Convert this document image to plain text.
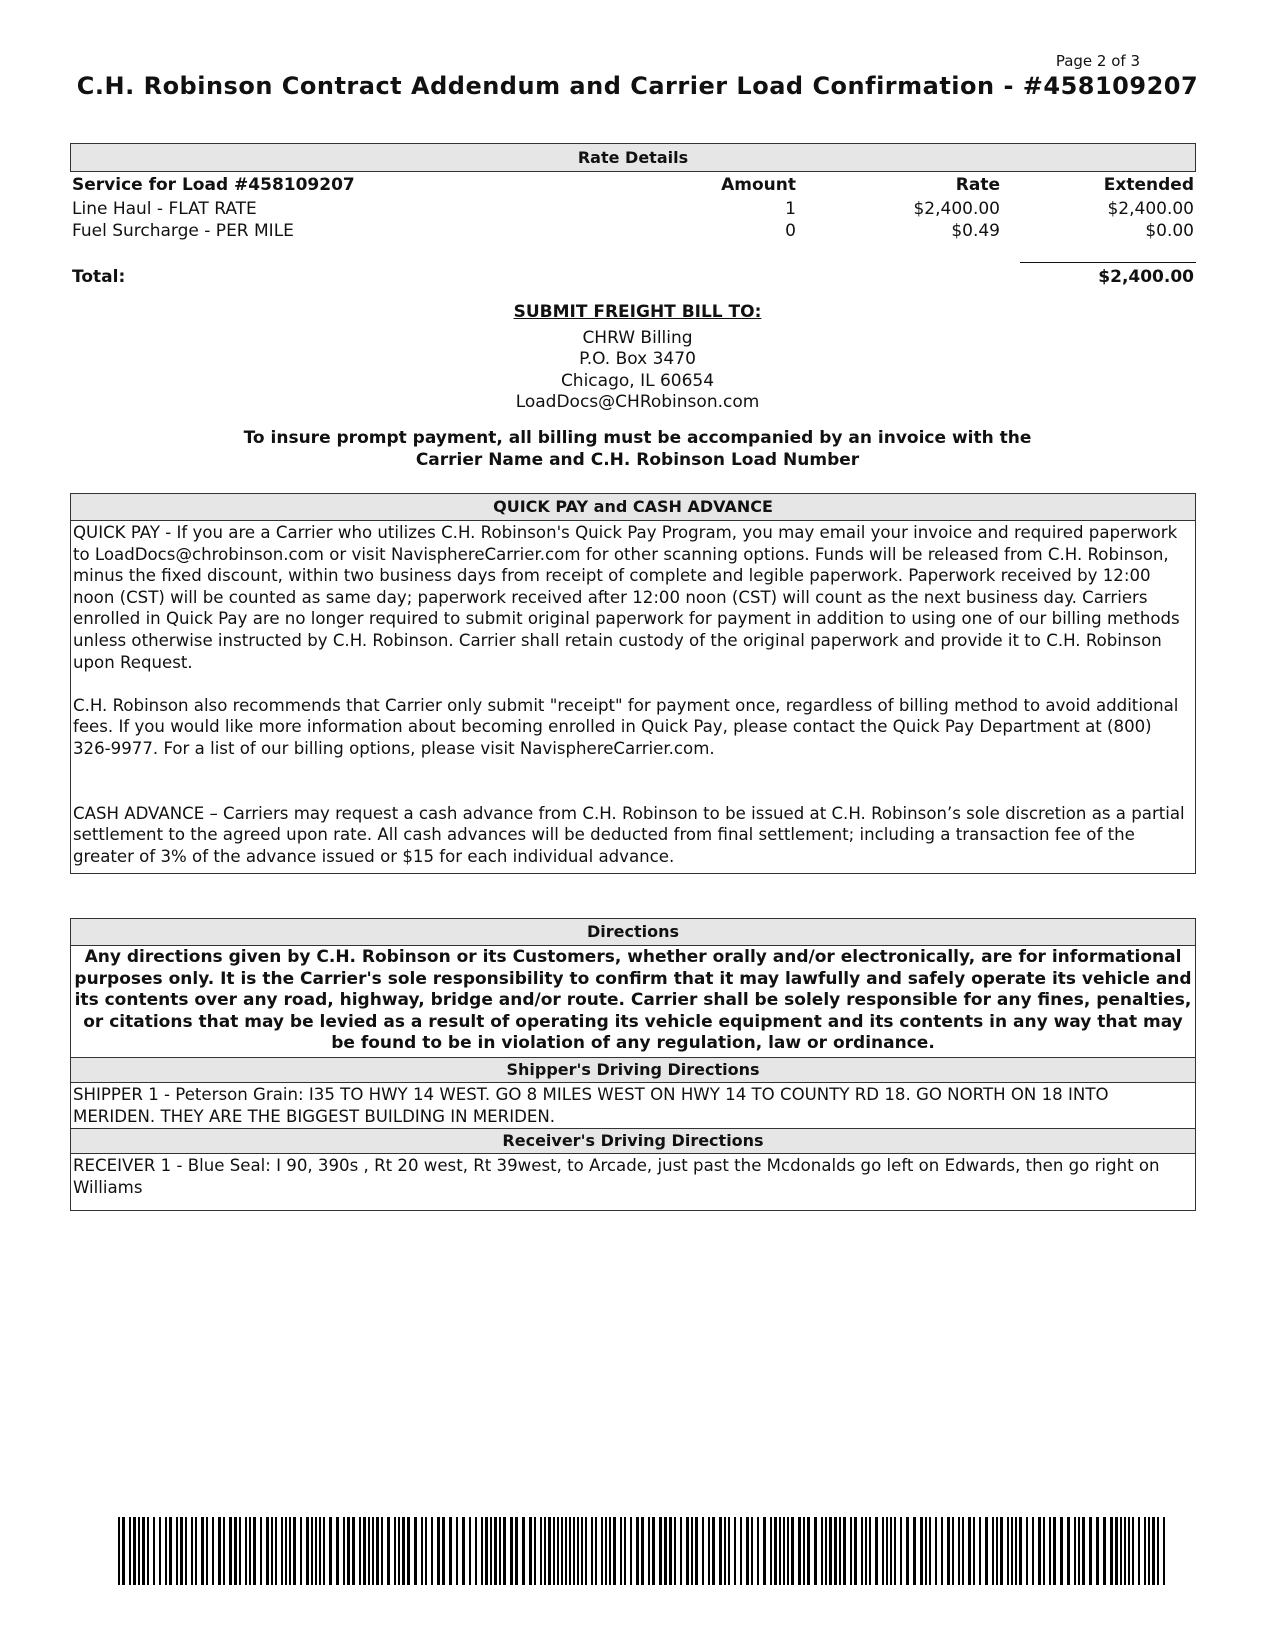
Page 2 of 3
C.H. Robinson Contract Addendum and Carrier Load Confirmation - #458109207
Rate Details
Service for Load #458109207	Amount	Rate	Extended
Line Haul - FLAT RATE	1	$2,400.00	$2,400.00
Fuel Surcharge - PER MILE	0	$0.49	$0.00
Total:	$2,400.00
SUBMIT FREIGHT BILL TO:
CHRW Billing
P.O. Box 3470
Chicago, IL 60654
LoadDocs@CHRobinson.com
To insure prompt payment, all billing must be accompanied by an invoice with the
Carrier Name and C.H. Robinson Load Number
QUICK PAY and CASH ADVANCE

QUICK PAY - If you are a Carrier who utilizes C.H. Robinson's Quick Pay Program, you may email your invoice and required paperwork to LoadDocs@chrobinson.com or visit NavisphereCarrier.com for other scanning options. Funds will be released from C.H. Robinson, minus the fixed discount, within two business days from receipt of complete and legible paperwork. Paperwork received by 12:00 noon (CST) will be counted as same day; paperwork received after 12:00 noon (CST) will count as the next business day. Carriers enrolled in Quick Pay are no longer required to submit original paperwork for payment in addition to using one of our billing methods unless otherwise instructed by C.H. Robinson. Carrier shall retain custody of the original paperwork and provide it to C.H. Robinson upon Request.

C.H. Robinson also recommends that Carrier only submit "receipt" for payment once, regardless of billing method to avoid additional fees. If you would like more information about becoming enrolled in Quick Pay, please contact the Quick Pay Department at (800) 326-9977. For a list of our billing options, please visit NavisphereCarrier.com.

CASH ADVANCE – Carriers may request a cash advance from C.H. Robinson to be issued at C.H. Robinson’s sole discretion as a partial settlement to the agreed upon rate. All cash advances will be deducted from final settlement; including a transaction fee of the greater of 3% of the advance issued or $15 for each individual advance.

Directions
Any directions given by C.H. Robinson or its Customers, whether orally and/or electronically, are for informational purposes only. It is the Carrier's sole responsibility to confirm that it may lawfully and safely operate its vehicle and its contents over any road, highway, bridge and/or route. Carrier shall be solely responsible for any fines, penalties, or citations that may be levied as a result of operating its vehicle equipment and its contents in any way that may be found to be in violation of any regulation, law or ordinance.
Shipper's Driving Directions
SHIPPER 1 - Peterson Grain: I35 TO HWY 14 WEST. GO 8 MILES WEST ON HWY 14 TO COUNTY RD 18. GO NORTH ON 18 INTO MERIDEN. THEY ARE THE BIGGEST BUILDING IN MERIDEN.
Receiver's Driving Directions
RECEIVER 1 - Blue Seal: I 90, 390s , Rt 20 west, Rt 39west, to Arcade, just past the Mcdonalds go left on Edwards, then go right on Williams
